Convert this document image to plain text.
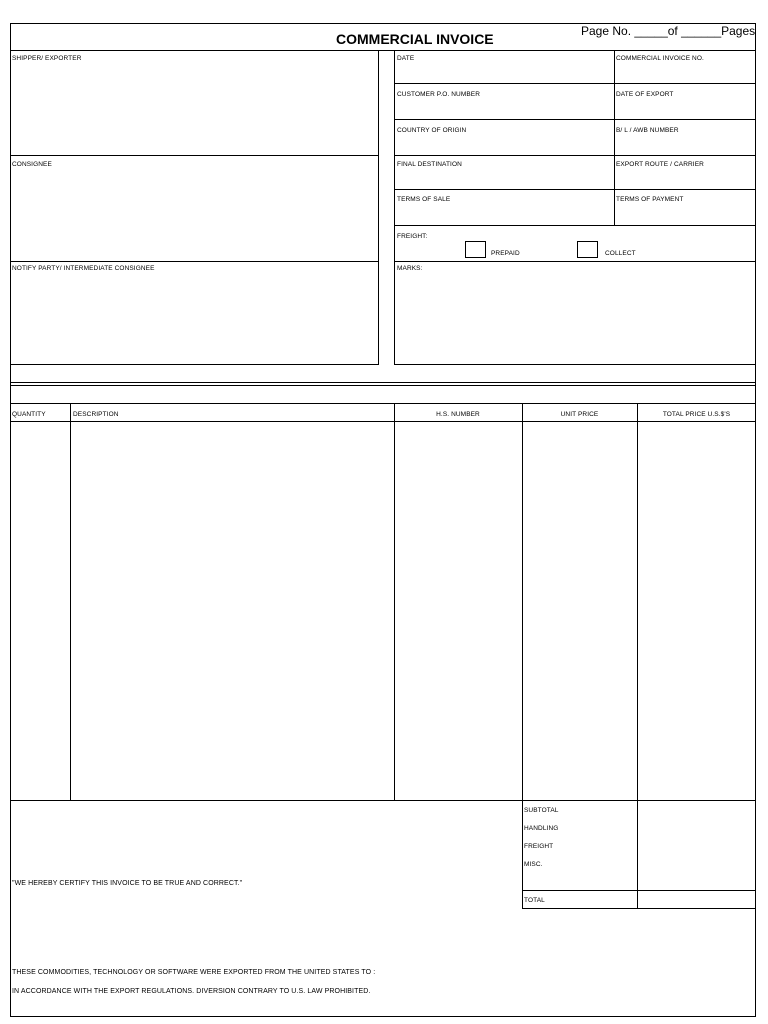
COMMERCIAL INVOICE	Page No. _____of ______Pages
SHIPPER/ EXPORTER
CONSIGNEE
NOTIFY PARTY/ INTERMEDIATE CONSIGNEE
DATE	COMMERCIAL INVOICE NO.
CUSTOMER P.O. NUMBER	DATE OF EXPORT
COUNTRY OF ORIGIN	B/ L / AWB NUMBER
FINAL DESTINATION	EXPORT ROUTE / CARRIER
TERMS OF SALE	TERMS OF PAYMENT
FREIGHT:
PREPAID	COLLECT
MARKS:
QUANTITY	DESCRIPTION	H.S. NUMBER	UNIT PRICE	TOTAL PRICE U.S.$'S
SUBTOTAL
HANDLING
FREIGHT
MISC.
TOTAL
"WE HEREBY CERTIFY THIS INVOICE TO BE TRUE AND CORRECT."
THESE COMMODITIES, TECHNOLOGY OR SOFTWARE WERE EXPORTED FROM THE UNITED STATES TO :
IN ACCORDANCE WITH THE EXPORT REGULATIONS. DIVERSION CONTRARY TO U.S. LAW PROHIBITED.
